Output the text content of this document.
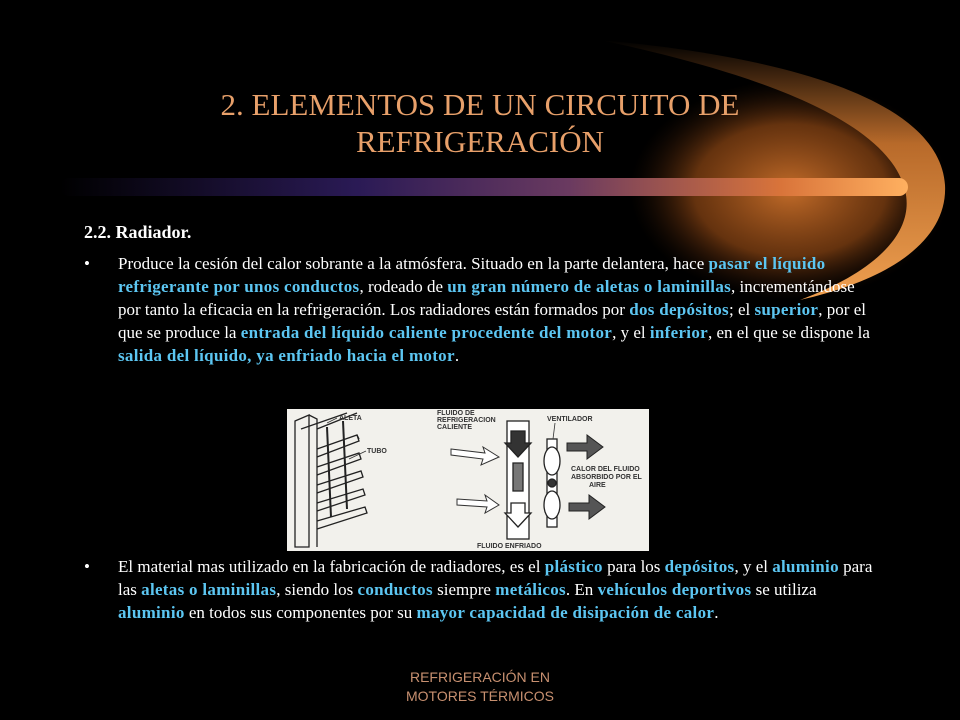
2. ELEMENTOS DE UN CIRCUITO DE
REFRIGERACIÓN
2.2. Radiador.
• Produce la cesión del calor sobrante a la atmósfera. Situado en la parte delantera, hace pasar el líquido refrigerante por unos conductos, rodeado de un gran número de aletas o laminillas, incrementándose por tanto la eficacia en la refrigeración. Los radiadores están formados por dos depósitos; el superior, por el que se produce la entrada del líquido caliente procedente del motor, y el inferior, en el que se dispone la salida del líquido, ya enfriado hacia el motor.
ALETA
TUBO
FLUIDO DE
REFRIGERACION
CALIENTE
VENTILADOR
CALOR DEL FLUIDO
ABSORBIDO POR EL
AIRE
FLUIDO ENFRIADO
• El material mas utilizado en la fabricación de radiadores, es el plástico para los depósitos, y el aluminio para las aletas o laminillas, siendo los conductos siempre metálicos. En vehículos deportivos se utiliza aluminio en todos sus componentes por su mayor capacidad de disipación de calor.
REFRIGERACIÓN EN
MOTORES TÉRMICOS
